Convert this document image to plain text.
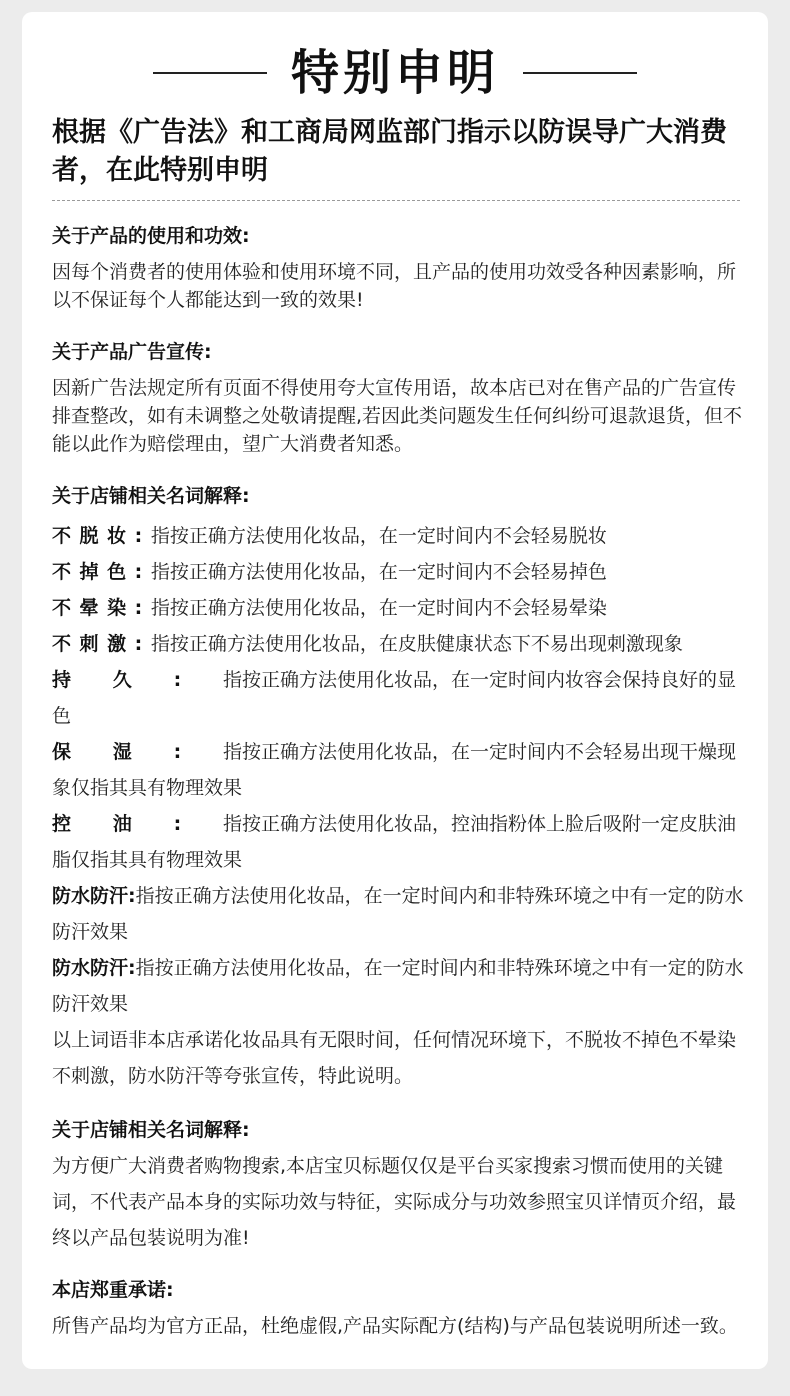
特别申明

根据《广告法》和工商局网监部门指示以防误导广大消费者，在此特别申明

关于产品的使用和功效:

因每个消费者的使用体验和使用环境不同，且产品的使用功效受各种因素影响，所以不保证每个人都能达到一致的效果!

关于产品广告宣传:

因新广告法规定所有页面不得使用夸大宣传用语，故本店已对在售产品的广告宣传排查整改，如有未调整之处敬请提醒,若因此类问题发生任何纠纷可退款退货，但不能以此作为赔偿理由，望广大消费者知悉。

关于店铺相关名词解释:

不脱妆:指按正确方法使用化妆品，在一定时间内不会轻易脱妆

不掉色:指按正确方法使用化妆品，在一定时间内不会轻易掉色

不晕染:指按正确方法使用化妆品，在一定时间内不会轻易晕染

不刺激:指按正确方法使用化妆品，在皮肤健康状态下不易出现刺激现象

持久:指按正确方法使用化妆品，在一定时间内妆容会保持良好的显色

保湿:指按正确方法使用化妆品，在一定时间内不会轻易出现干燥现象仅指其具有物理效果

控油:指按正确方法使用化妆品，控油指粉体上脸后吸附一定皮肤油脂仅指其具有物理效果

防水防汗:指按正确方法使用化妆品，在一定时间内和非特殊环境之中有一定的防水防汗效果

防水防汗:指按正确方法使用化妆品，在一定时间内和非特殊环境之中有一定的防水防汗效果

以上词语非本店承诺化妆品具有无限时间，任何情况环境下，不脱妆不掉色不晕染不刺激，防水防汗等夸张宣传，特此说明。

关于店铺相关名词解释:

为方便广大消费者购物搜索,本店宝贝标题仅仅是平台买家搜索习惯而使用的关键词，不代表产品本身的实际功效与特征，实际成分与功效参照宝贝详情页介绍，最终以产品包装说明为准!

本店郑重承诺:

所售产品均为官方正品，杜绝虚假,产品实际配方(结构)与产品包装说明所述一致。
